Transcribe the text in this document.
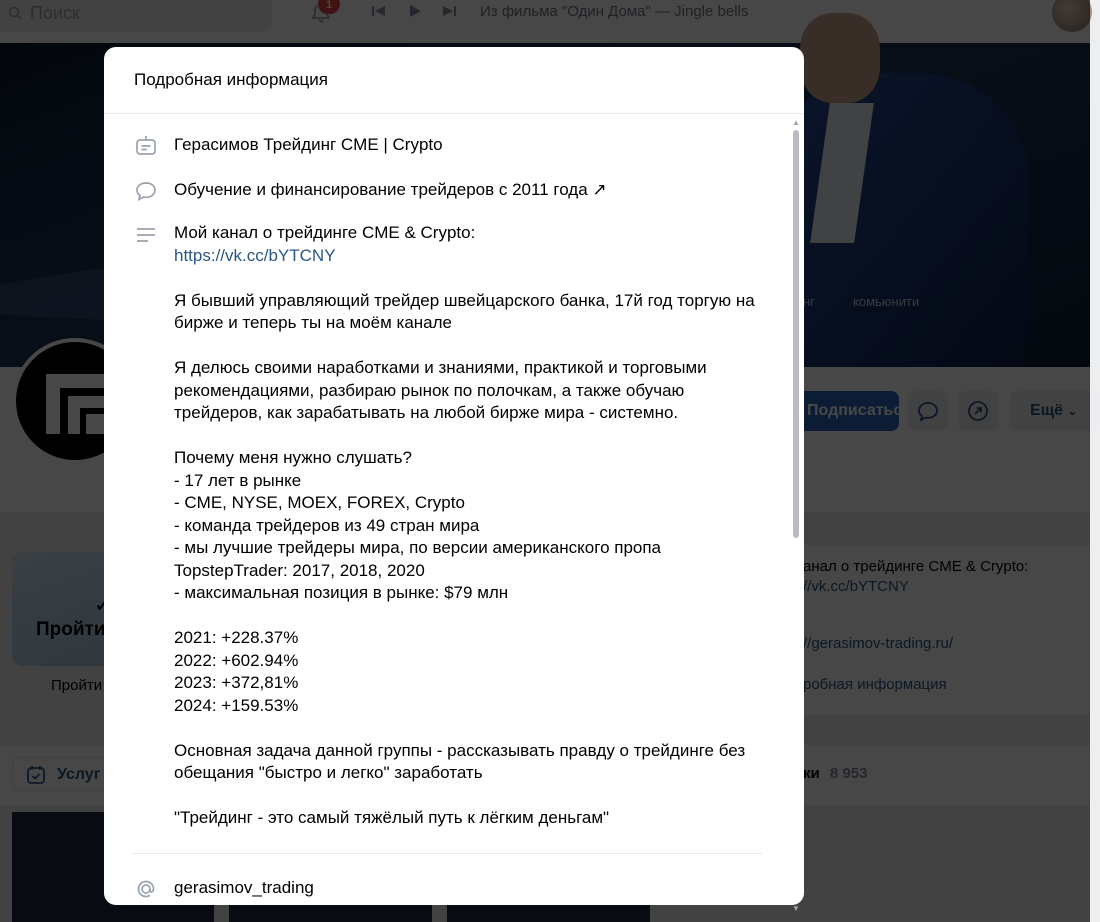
Подробная информация
Герасимов Трейдинг CME | Crypto
Обучение и финансирование трейдеров с 2011 года ↗

Мой канал о трейдинге CME & Crypto:

https://vk.cc/bYTCNY

Я бывший управляющий трейдер швейцарского банка, 17й год торгую на бирже и теперь ты на моём канале

Я делюсь своими наработками и знаниями, практикой и торговыми рекомендациями, разбираю рынок по полочкам, а также обучаю трейдеров, как зарабатывать на любой бирже мира - системно.

Почему меня нужно слушать?

- 17 лет в рынке

- CME, NYSE, MOEX, FOREX, Crypto

- команда трейдеров из 49 стран мира

- мы лучшие трейдеры мира, по версии американского пропа TopstepTrader: 2017, 2018, 2020

- максимальная позиция в рынке: $79 млн

2021: +228.37%

2022: +602.94%

2023: +372,81%

2024: +159.53%

Основная задача данной группы - рассказывать правду о трейдинге без обещания "быстро и легко" заработать

"Трейдинг - это самый тяжёлый путь к лёгким деньгам"

gerasimov_trading
▲
▼
